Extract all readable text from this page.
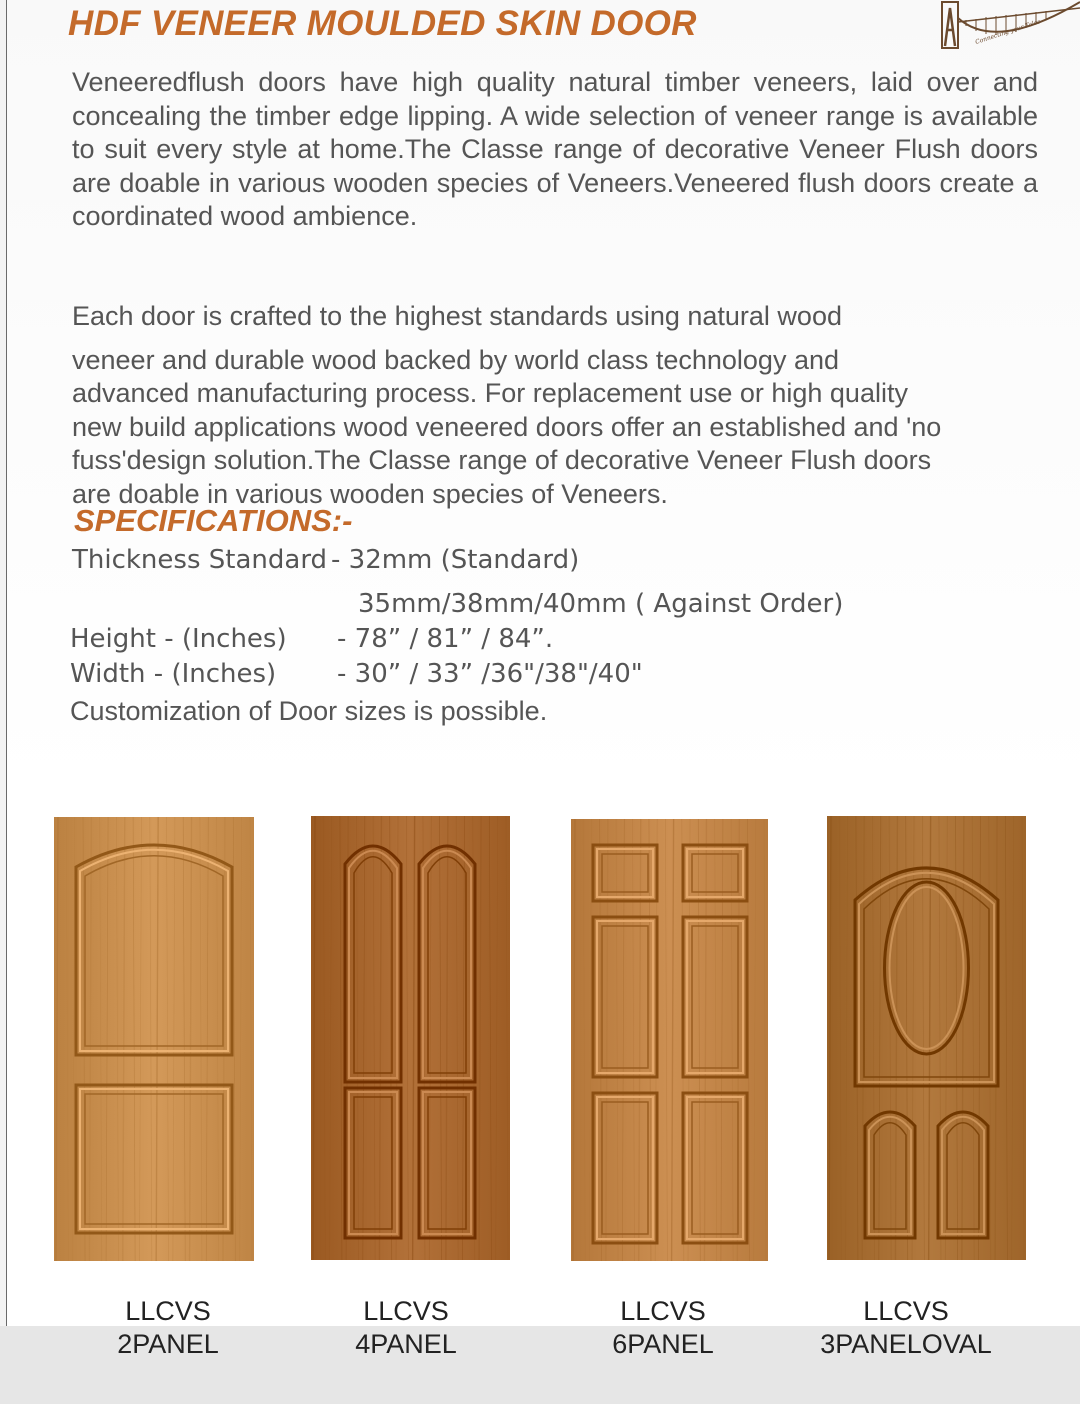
HDF VENEER MOULDED SKIN DOOR	Connecting your Tales
Veneeredflush doors have high quality natural timber veneers, laid over and concealing the timber edge lipping. A wide selection of veneer range is available to suit every style at home.The Classe range of decorative Veneer Flush doors are doable in various wooden species of Veneers.Veneered flush doors create a coordinated wood ambience.
Each door is crafted to the highest standards using natural wood
veneer and durable wood backed by world class technology and
advanced manufacturing process. For replacement use or high quality
new build applications wood veneered doors offer an established and 'no
fuss'design solution.The Classe range of decorative Veneer Flush doors
are doable in various wooden species of Veneers.
SPECIFICATIONS:-
Thickness Standard - 32mm (Standard)
35mm/38mm/40mm ( Against Order)
Height - (Inches) - 78” / 81” / 84”.
Width - (Inches) - 30” / 33” /36"/38"/40"
Customization of Door sizes is possible.
LLCVS
2PANEL
LLCVS
4PANEL
LLCVS
6PANEL
LLCVS
3PANELOVAL
